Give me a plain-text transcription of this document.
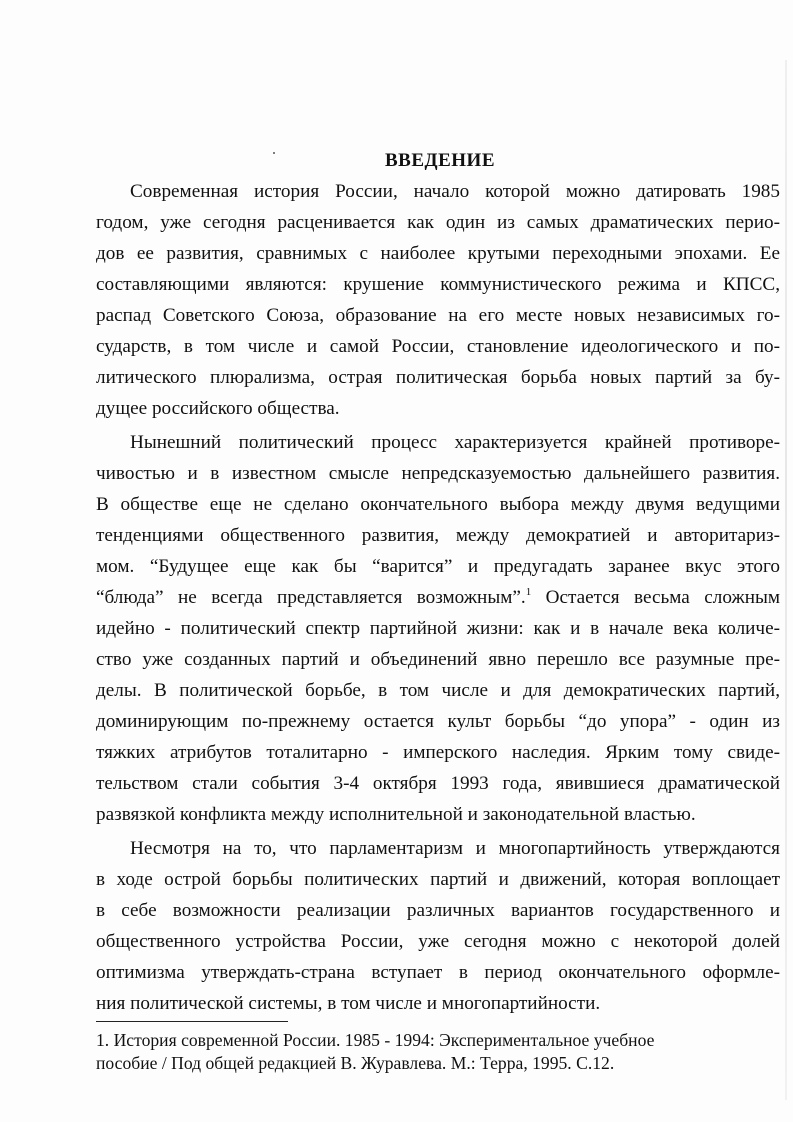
ВВЕДЕНИЕ

Современная история России, начало которой можно датировать 1985
годом, уже сегодня расценивается как один из самых драматических перио-
дов ее развития, сравнимых с наиболее крутыми переходными эпохами. Ее
составляющими являются: крушение коммунистического режима и КПСС,
распад Советского Союза, образование на его месте новых независимых го-
сударств, в том числе и самой России, становление идеологического и по-
литического плюрализма, острая политическая борьба новых партий за бу-
дущее российского общества.

Нынешний политический процесс характеризуется крайней противоре-
чивостью и в известном смысле непредсказуемостью дальнейшего развития.
В обществе еще не сделано окончательного выбора между двумя ведущими
тенденциями общественного развития, между демократией и авторитариз-
мом. “Будущее еще как бы “варится” и предугадать заранее вкус этого
“блюда” не всегда представляется возможным”.$^1$ Остается весьма сложным
идейно - политический спектр партийной жизни: как и в начале века количе-
ство уже созданных партий и объединений явно перешло все разумные пре-
делы. В политической борьбе, в том числе и для демократических партий,
доминирующим по-прежнему остается культ борьбы “до упора” - один из
тяжких атрибутов тоталитарно - имперского наследия. Ярким тому свиде-
тельством стали события 3-4 октября 1993 года, явившиеся драматической
развязкой конфликта между исполнительной и законодательной властью.

Несмотря на то, что парламентаризм и многопартийность утверждаются
в ходе острой борьбы политических партий и движений, которая воплощает
в себе возможности реализации различных вариантов государственного и
общественного устройства России, уже сегодня можно с некоторой долей
оптимизма утверждать-страна вступает в период окончательного оформле-
ния политической системы, в том числе и многопартийности.

1. История современной России. 1985 - 1994: Экспериментальное учебное
пособие / Под общей редакцией В. Журавлева. М.: Терра, 1995. С.12.
